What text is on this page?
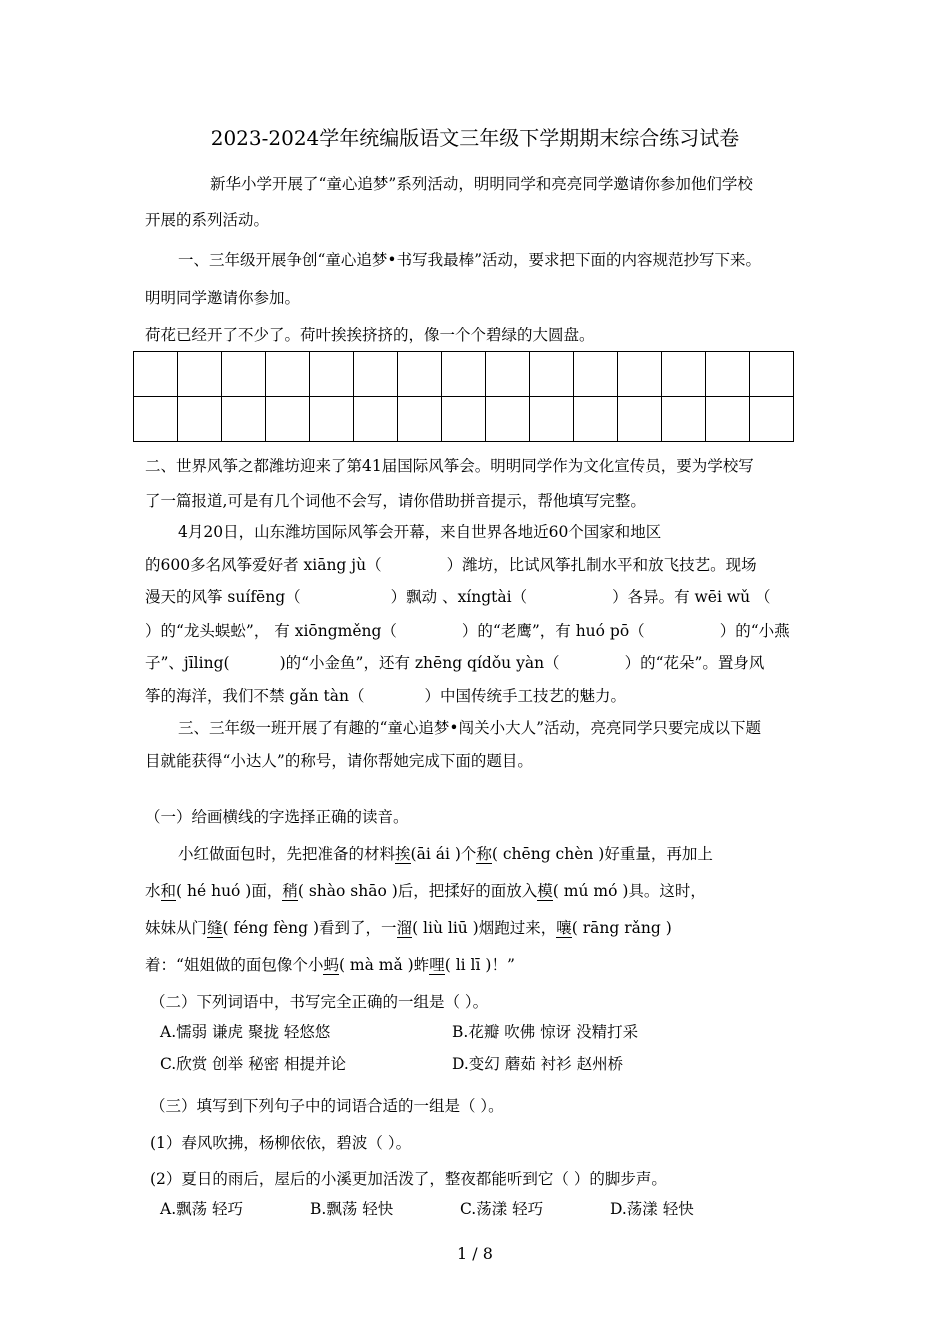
2023-2024学年统编版语文三年级下学期期末综合练习试卷
新华小学开展了“童心追梦”系列活动，明明同学和亮亮同学邀请你参加他们学校
开展的系列活动。
一、三年级开展争创“童心追梦•书写我最棒”活动，要求把下面的内容规范抄写下来。
明明同学邀请你参加。
荷花已经开了不少了。荷叶挨挨挤挤的，像一个个碧绿的大圆盘。

二、世界风筝之都潍坊迎来了第41届国际风筝会。明明同学作为文化宣传员，要为学校写
了一篇报道,可是有几个词他不会写，请你借助拼音提示，帮他填写完整。
4月20日，山东潍坊国际风筝会开幕，来自世界各地近60个国家和地区
的600多名风筝爱好者 xiāng jù（	）潍坊，比试风筝扎制水平和放飞技艺。现场
漫天的风筝 suífēng（	）飘动 、xíngtài（	）各异。有 wēi wǔ （
）的“龙头蜈蚣”， 有 xiōngměng（	）的“老鹰”，有 huó pō（	）的“小燕
子”、jīling(	)的“小金鱼”，还有 zhēng qídǒu yàn（	）的“花朵”。置身风
筝的海洋，我们不禁 gǎn tàn（	）中国传统手工技艺的魅力。
三、三年级一班开展了有趣的“童心追梦•闯关小大人”活动，亮亮同学只要完成以下题
目就能获得“小达人”的称号，请你帮她完成下面的题目。
（一）给画横线的字选择正确的读音。
小红做面包时，先把准备的材料挨(āi ái )个称( chēng chèn )好重量，再加上
水和( hé huó )面，稍( shào shāo )后，把揉好的面放入模( mú mó )具。这时，
妹妹从门缝( féng fèng )看到了，一溜( liù liū )烟跑过来，嚷( rāng rǎng )
着：“姐姐做的面包像个小蚂( mà mǎ )蚱哩( li lī )！”
（二）下列词语中，书写完全正确的一组是（ ）。
A.懦弱 谦虎 聚拢 轻悠悠	B.花瓣 吹佛 惊讶 没精打采
C.欣赏 创举 秘密 相提并论	D.变幻 蘑茹 衬衫 赵州桥
（三）填写到下列句子中的词语合适的一组是（ ）。
(1）春风吹拂，杨柳依依，碧波（ ）。
(2）夏日的雨后，屋后的小溪更加活泼了，整夜都能听到它（ ）的脚步声。
A.飘荡 轻巧	B.飘荡 轻快	C.荡漾 轻巧	D.荡漾 轻快
1 / 8
